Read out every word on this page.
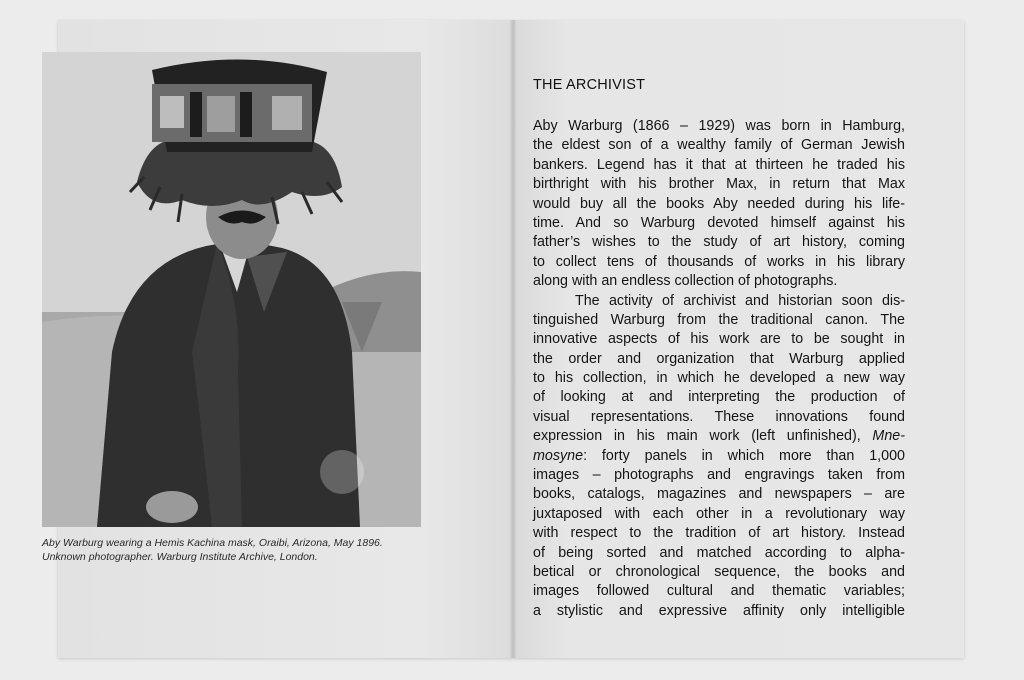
Aby Warburg wearing a Hemis Kachina mask, Oraibi, Arizona, May 1896.
Unknown photographer. Warburg Institute Archive, London.
THE ARCHIVIST
Aby Warburg (1866 – 1929) was born in Hamburg,
the eldest son of a wealthy family of German Jewish
bankers. Legend has it that at thirteen he traded his
birthright with his brother Max, in return that Max
would buy all the books Aby needed during his life-
time. And so Warburg devoted himself against his
father’s wishes to the study of art history, coming
to collect tens of thousands of works in his library
along with an endless collection of photographs.
The activity of archivist and historian soon dis-
tinguished Warburg from the traditional canon. The
innovative aspects of his work are to be sought in
the order and organization that Warburg applied
to his collection, in which he developed a new way
of looking at and interpreting the production of
visual representations. These innovations found
expression in his main work (left unfinished), Mne-
mosyne: forty panels in which more than 1,000
images – photographs and engravings taken from
books, catalogs, magazines and newspapers – are
juxtaposed with each other in a revolutionary way
with respect to the tradition of art history. Instead
of being sorted and matched according to alpha-
betical or chronological sequence, the books and
images followed cultural and thematic variables;
a stylistic and expressive affinity only intelligible
